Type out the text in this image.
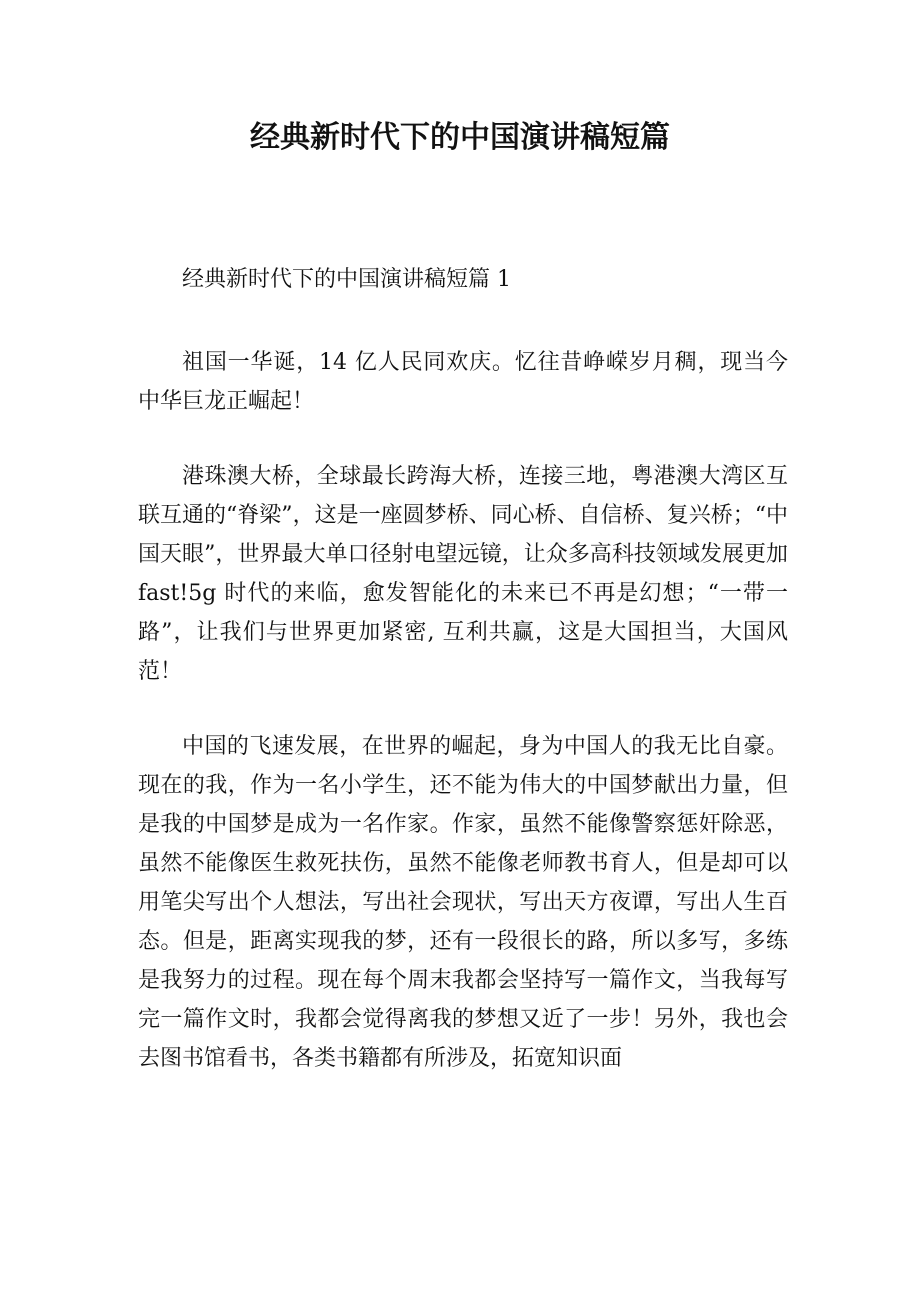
经典新时代下的中国演讲稿短篇

经典新时代下的中国演讲稿短篇 1

祖国一华诞，14 亿人民同欢庆。忆往昔峥嵘岁月稠，现当今中华巨龙正崛起！

港珠澳大桥，全球最长跨海大桥，连接三地，粤港澳大湾区互联互通的“脊梁”，这是一座圆梦桥、同心桥、自信桥、复兴桥；“中国天眼”，世界最大单口径射电望远镜，让众多高科技领域发展更加 fast!5g 时代的来临，愈发智能化的未来已不再是幻想；“一带一路”，让我们与世界更加紧密, 互利共赢，这是大国担当，大国风范！

中国的飞速发展，在世界的崛起，身为中国人的我无比自豪。现在的我，作为一名小学生，还不能为伟大的中国梦献出力量，但是我的中国梦是成为一名作家。作家，虽然不能像警察惩奸除恶，虽然不能像医生救死扶伤，虽然不能像老师教书育人，但是却可以用笔尖写出个人想法，写出社会现状，写出天方夜谭，写出人生百态。但是，距离实现我的梦，还有一段很长的路，所以多写，多练是我努力的过程。现在每个周末我都会坚持写一篇作文，当我每写完一篇作文时，我都会觉得离我的梦想又近了一步！另外，我也会去图书馆看书，各类书籍都有所涉及，拓宽知识面
